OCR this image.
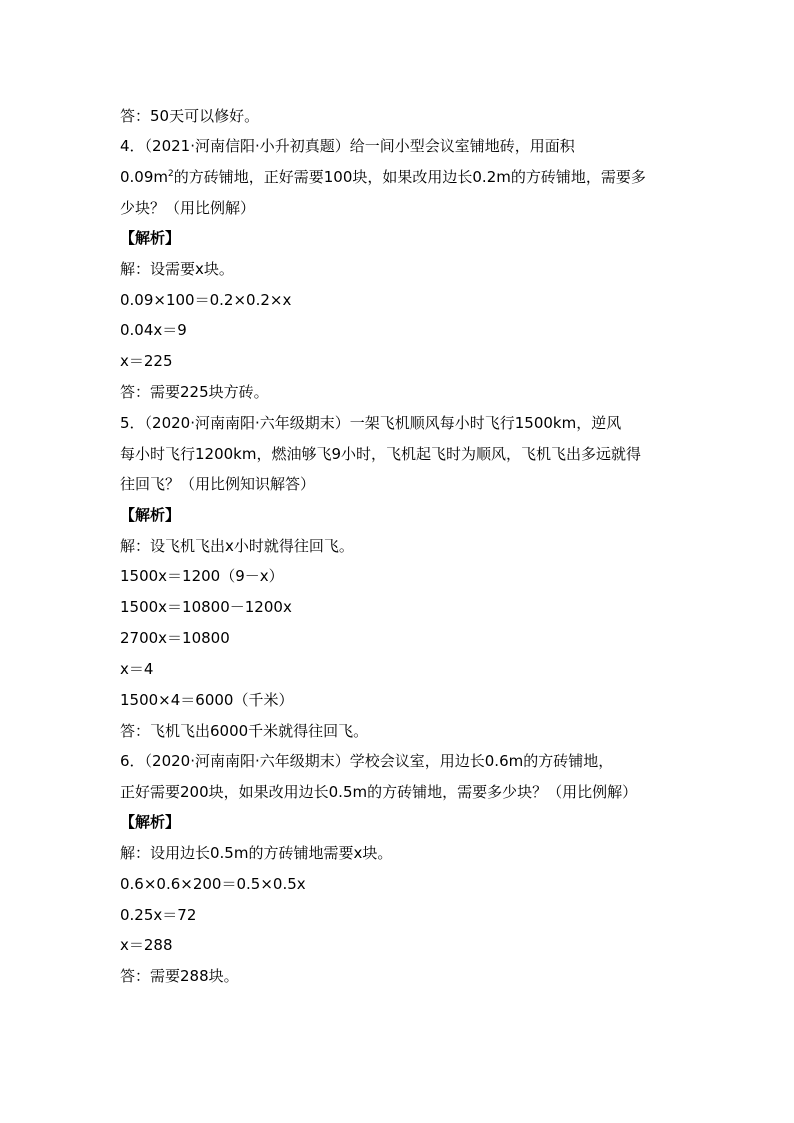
答：50天可以修好。
4．（2021·河南信阳·小升初真题）给一间小型会议室铺地砖，用面积
$0.09m^2$的方砖铺地，正好需要100块，如果改用边长0.2m的方砖铺地，需要多
少块？（用比例解）
【解析】
解：设需要x块。
0.09×100＝0.2×0.2×x
0.04x＝9
x＝225
答：需要225块方砖。
5．（2020·河南南阳·六年级期末）一架飞机顺风每小时飞行1500km，逆风
每小时飞行1200km，燃油够飞9小时，飞机起飞时为顺风，飞机飞出多远就得
往回飞？（用比例知识解答）
【解析】
解：设飞机飞出x小时就得往回飞。
1500x＝1200（9－x）
1500x＝10800－1200x
2700x＝10800
x＝4
1500×4＝6000（千米）
答：飞机飞出6000千米就得往回飞。
6．（2020·河南南阳·六年级期末）学校会议室，用边长0.6m的方砖铺地，
正好需要200块，如果改用边长0.5m的方砖铺地，需要多少块？（用比例解）
【解析】
解：设用边长0.5m的方砖铺地需要x块。
0.6×0.6×200＝0.5×0.5x
0.25x＝72
x＝288
答：需要288块。
